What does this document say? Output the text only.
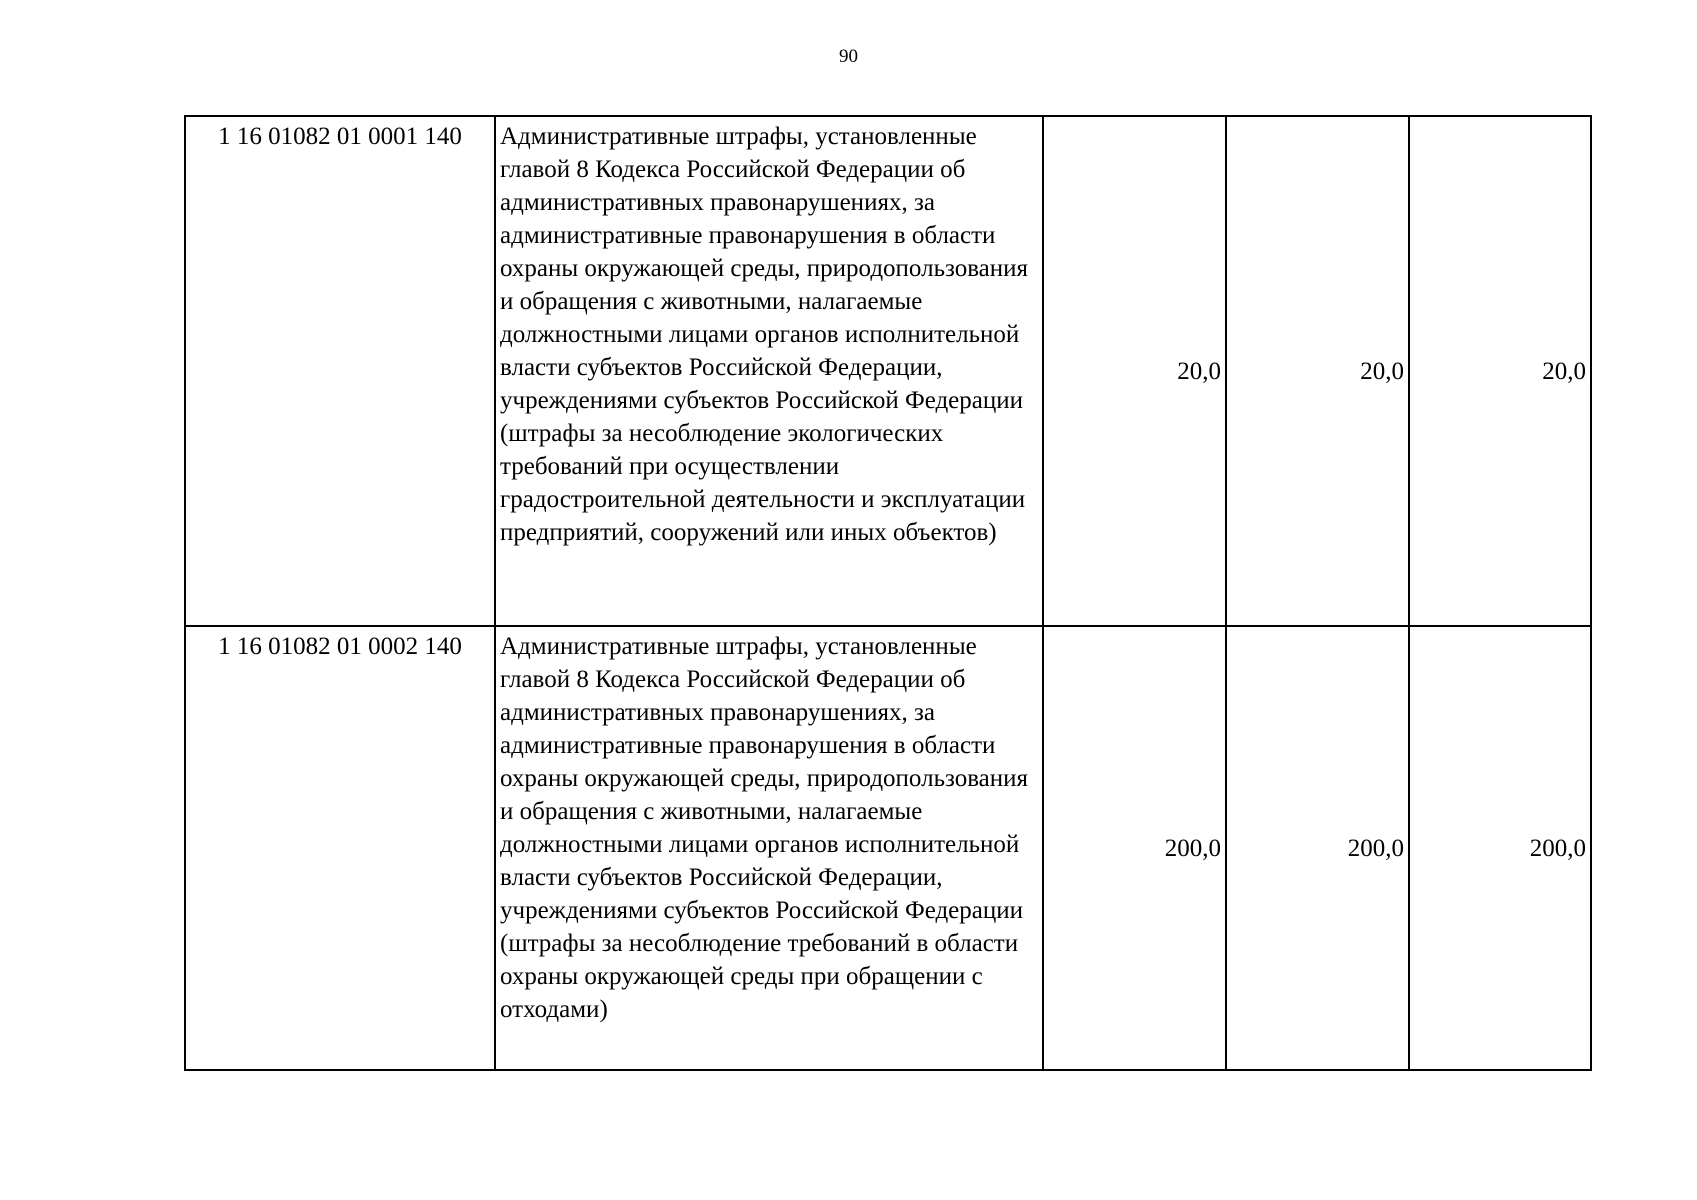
90
1 16 01082 01 0001 140	Административные штрафы, установленные главой 8 Кодекса Российской Федерации об административных правонарушениях, за административные правонарушения в области охраны окружающей среды, природопользования и обращения с животными, налагаемые должностными лицами органов исполнительной власти субъектов Российской Федерации, учреждениями субъектов Российской Федерации (штрафы за несоблюдение экологических требований при осуществлении градостроительной деятельности и эксплуатации предприятий, сооружений или иных объектов)	20,0	20,0	20,0
1 16 01082 01 0002 140	Административные штрафы, установленные главой 8 Кодекса Российской Федерации об административных правонарушениях, за административные правонарушения в области охраны окружающей среды, природопользования и обращения с животными, налагаемые должностными лицами органов исполнительной власти субъектов Российской Федерации, учреждениями субъектов Российской Федерации (штрафы за несоблюдение требований в области охраны окружающей среды при обращении с отходами)	200,0	200,0	200,0
